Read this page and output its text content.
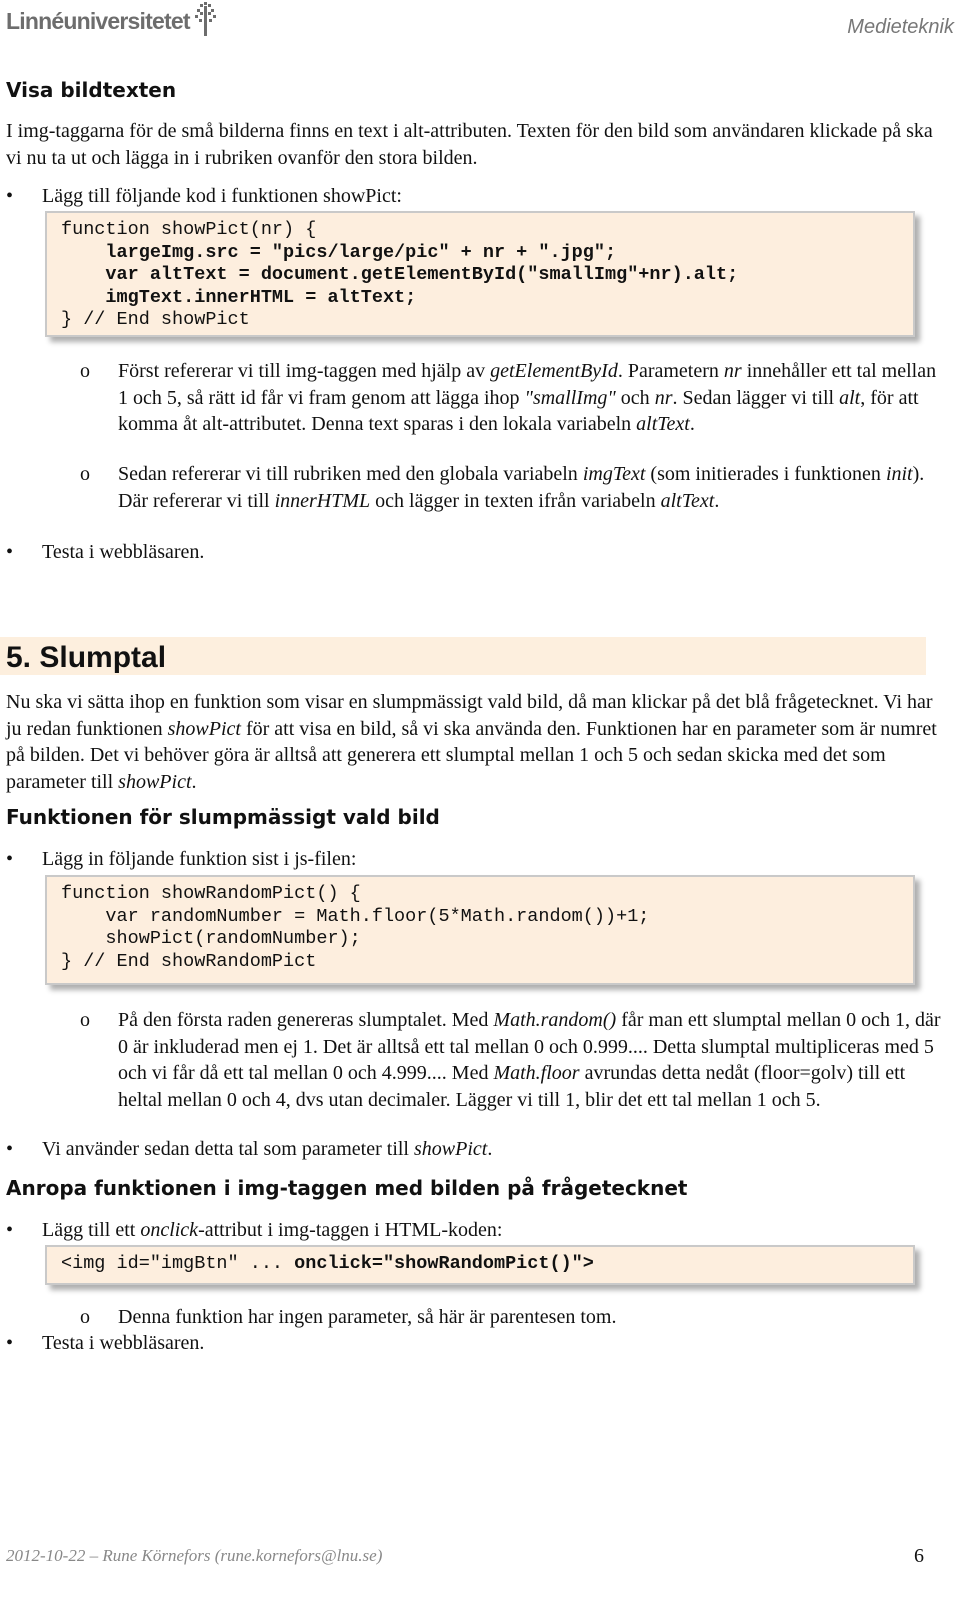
Linnéuniversitetet	Medieteknik
Visa bildtexten
I img-taggarna för de små bilderna finns en text i alt-attributen. Texten för den bild som användaren klickade på ska vi nu ta ut och lägga in i rubriken ovanför den stora bilden.
•	Lägg till följande kod i funktionen showPict:
function showPict(nr) {
largeImg.src = "pics/large/pic" + nr + ".jpg";
var altText = document.getElementById("smallImg"+nr).alt;
imgText.innerHTML = altText;
} // End showPict
o Först refererar vi till img-taggen med hjälp av getElementById. Parametern nr innehåller ett tal mellan 1 och 5, så rätt id får vi fram genom att lägga ihop "smallImg" och nr. Sedan lägger vi till alt, för att komma åt alt-attributet. Denna text sparas i den lokala variabeln altText.
o Sedan refererar vi till rubriken med den globala variabeln imgText (som initierades i funktionen init). Där refererar vi till innerHTML och lägger in texten ifrån variabeln altText.
•	Testa i webbläsaren.
5. Slumptal
Nu ska vi sätta ihop en funktion som visar en slumpmässigt vald bild, då man klickar på det blå frågetecknet. Vi har ju redan funktionen showPict för att visa en bild, så vi ska använda den. Funktionen har en parameter som är numret på bilden. Det vi behöver göra är alltså att generera ett slumptal mellan 1 och 5 och sedan skicka med det som parameter till showPict.
Funktionen för slumpmässigt vald bild
•	Lägg in följande funktion sist i js-filen:
function showRandomPict() {
var randomNumber = Math.floor(5*Math.random())+1;
showPict(randomNumber);
} // End showRandomPict
o På den första raden genereras slumptalet. Med Math.random() får man ett slumptal mellan 0 och 1, där 0 är inkluderad men ej 1. Det är alltså ett tal mellan 0 och 0.999.... Detta slumptal multipliceras med 5 och vi får då ett tal mellan 0 och 4.999.... Med Math.floor avrundas detta nedåt (floor=golv) till ett heltal mellan 0 och 4, dvs utan decimaler. Lägger vi till 1, blir det ett tal mellan 1 och 5.
•	Vi använder sedan detta tal som parameter till showPict.
Anropa funktionen i img-taggen med bilden på frågetecknet
•	Lägg till ett onclick-attribut i img-taggen i HTML-koden:
<img id="imgBtn" ... onclick="showRandomPict()">
o Denna funktion har ingen parameter, så här är parentesen tom.
•	Testa i webbläsaren.
2012-10-22 – Rune Körnefors (rune.kornefors@lnu.se)	6
